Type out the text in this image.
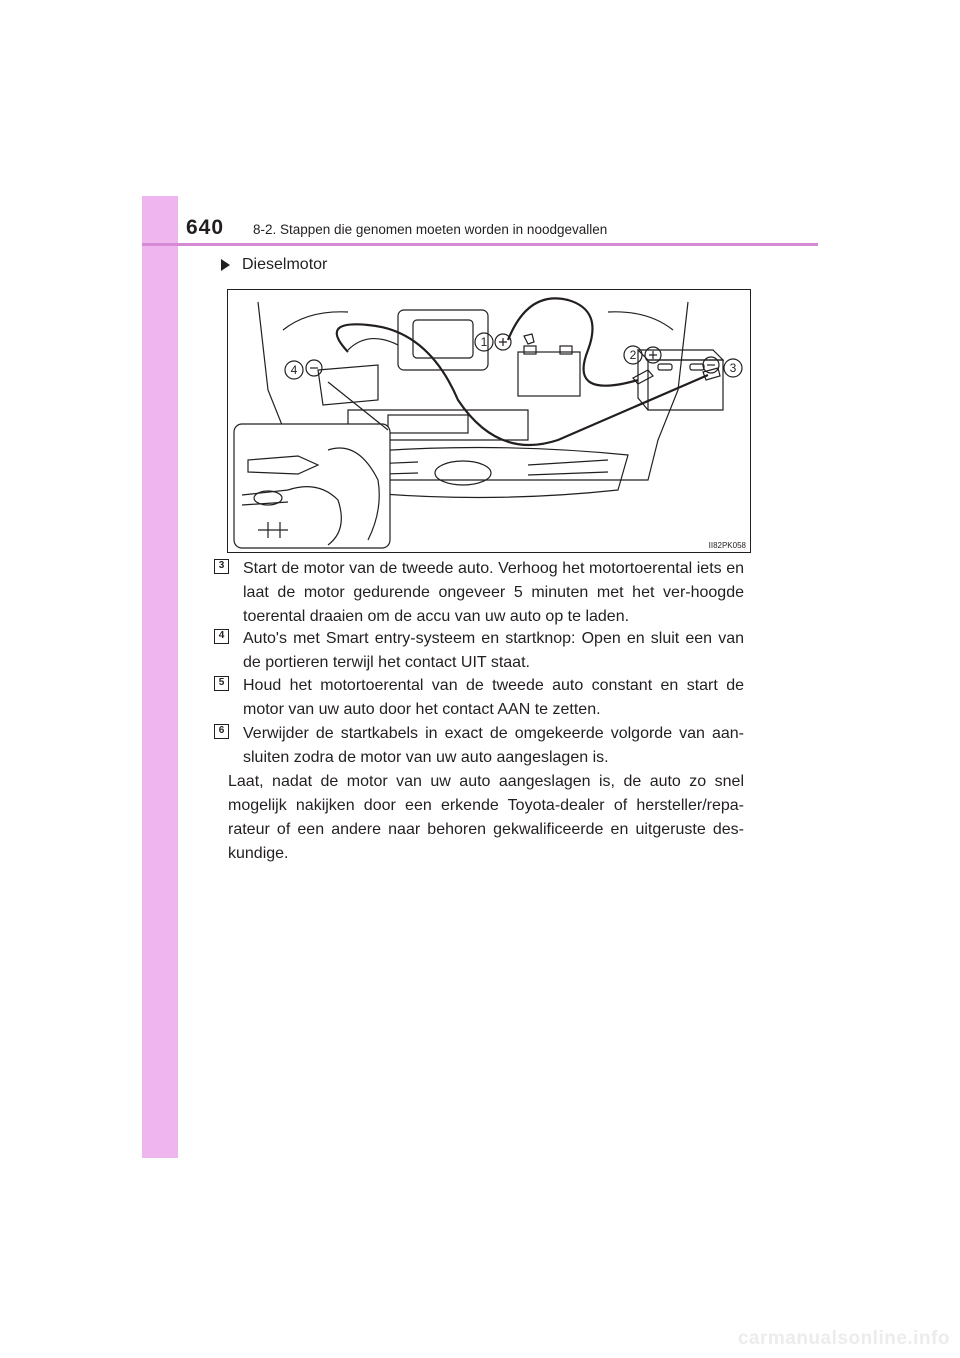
640 8-2. Stappen die genomen moeten worden in noodgevallen
Dieselmotor
1
2
3
4
II82PK058
3 Start de motor van de tweede auto. Verhoog het motortoerental iets en laat de motor gedurende ongeveer 5 minuten met het ver-hoogde toerental draaien om de accu van uw auto op te laden.
4 Auto's met Smart entry-systeem en startknop: Open en sluit een van de portieren terwijl het contact UIT staat.
5 Houd het motortoerental van de tweede auto constant en start de motor van uw auto door het contact AAN te zetten.
6 Verwijder de startkabels in exact de omgekeerde volgorde van aan-sluiten zodra de motor van uw auto aangeslagen is.
Laat, nadat de motor van uw auto aangeslagen is, de auto zo snel mogelijk nakijken door een erkende Toyota-dealer of hersteller/repa-rateur of een andere naar behoren gekwalificeerde en uitgeruste des-kundige.
carmanualsonline.info
